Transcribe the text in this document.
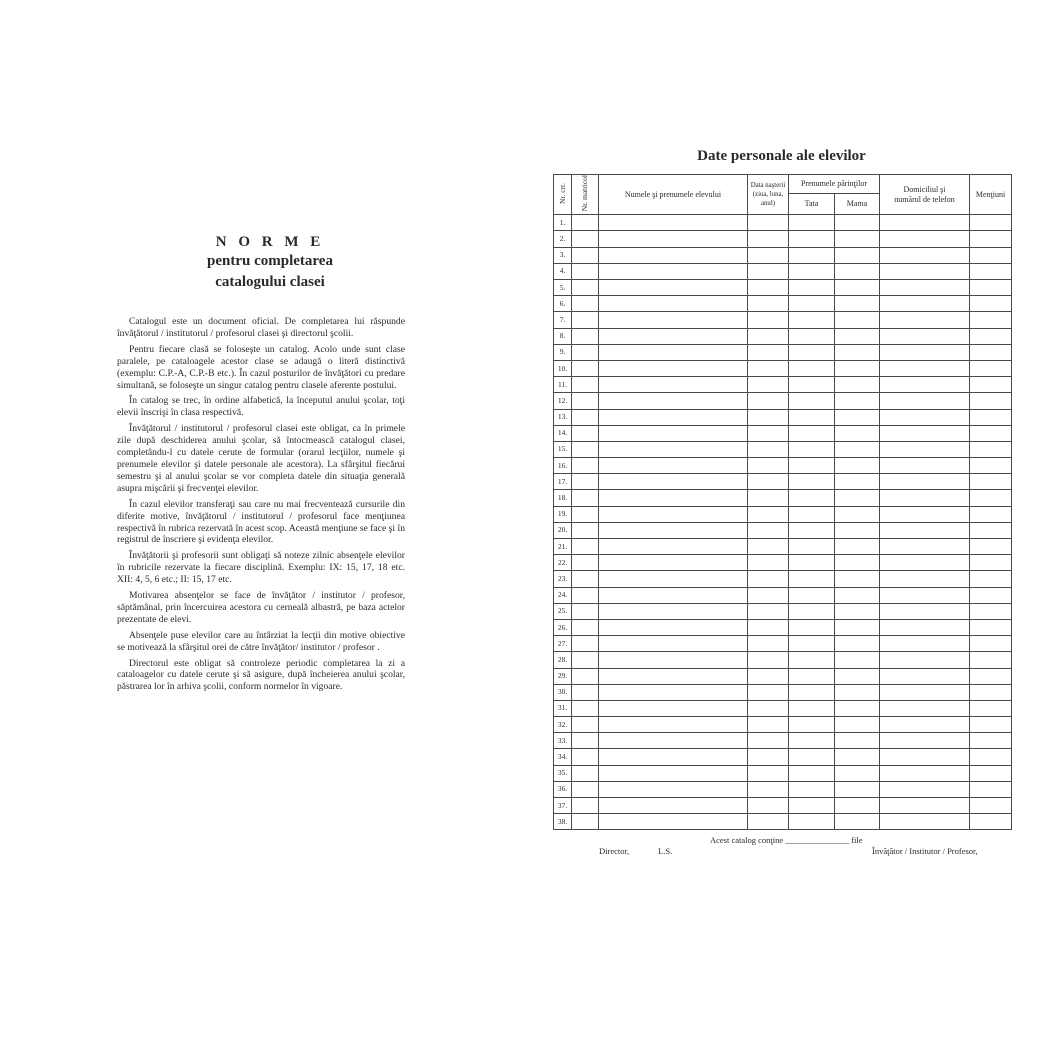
N O R M E
pentru completarea
catalogului clasei

Catalogul este un document oficial. De completarea lui răspunde învăţătorul / institutorul / profesorul clasei şi directorul şcolii.

Pentru fiecare clasă se foloseşte un catalog. Acolo unde sunt clase paralele, pe cataloagele acestor clase se adaugă o literă distinctivă (exemplu: C.P.-A, C.P.-B etc.). În cazul posturilor de învăţători cu predare simultană, se foloseşte un singur catalog pentru clasele aferente postului.

În catalog se trec, în ordine alfabetică, la începutul anului şcolar, toţi elevii înscrişi în clasa respectivă.

Învăţătorul / institutorul / profesorul clasei este obligat, ca în primele zile după deschiderea anului şcolar, să întocmească catalogul clasei, completându-l cu datele cerute de formular (orarul lecţiilor, numele şi prenumele elevilor şi datele personale ale acestora). La sfârşitul fiecărui semestru şi al anului şcolar se vor completa datele din situaţia generală asupra mişcării şi frecvenţei elevilor.

În cazul elevilor transferaţi sau care nu mai frecventează cursurile din diferite motive, învăţătorul / institutorul / profesorul face menţiunea respectivă în rubrica rezervată în acest scop. Această menţiune se face şi în registrul de înscriere şi evidenţa elevilor.

Învăţătorii şi profesorii sunt obligaţi să noteze zilnic absenţele elevilor în rubricile rezervate la fiecare disciplină. Exemplu: IX: 15, 17, 18 etc. XII: 4, 5, 6 etc.; II: 15, 17 etc.

Motivarea absenţelor se face de învăţător / institutor / profesor, săptămânal, prin încercuirea acestora cu cerneală albastră, pe baza actelor prezentate de elevi.

Absenţele puse elevilor care au întârziat la lecţii din motive obiective se motivează la sfârşitul orei de către învăţător/ institutor / profesor .

Directorul este obligat să controleze periodic completarea la zi a cataloagelor cu datele cerute şi să asigure, după încheierea anului şcolar, păstrarea lor în arhiva şcolii, conform normelor în vigoare.

Date personale ale elevilor
Nr. crt.	Nr. matricol	Numele şi prenumele elevului	Data naşterii (ziua, luna, anul)	Prenumele părinţilor		Domiciliul şi numărul de telefon	Menţiuni
				Tata	Mama		
1.							
2.							
3.							
4.							
5.							
6.							
7.							
8.							
9.							
10.							
11.							
12.							
13.							
14.							
15.							
16.							
17.							
18.							
19.							
20.							
21.							
22.							
23.							
24.							
25.							
26.							
27.							
28.							
29.							
30.							
31.							
32.							
33.							
34.							
35.							
36.							
37.							
38.							
Acest catalog conţine _______________ file
Director,	L.S.	Învăţător / Institutor / Profesor,
